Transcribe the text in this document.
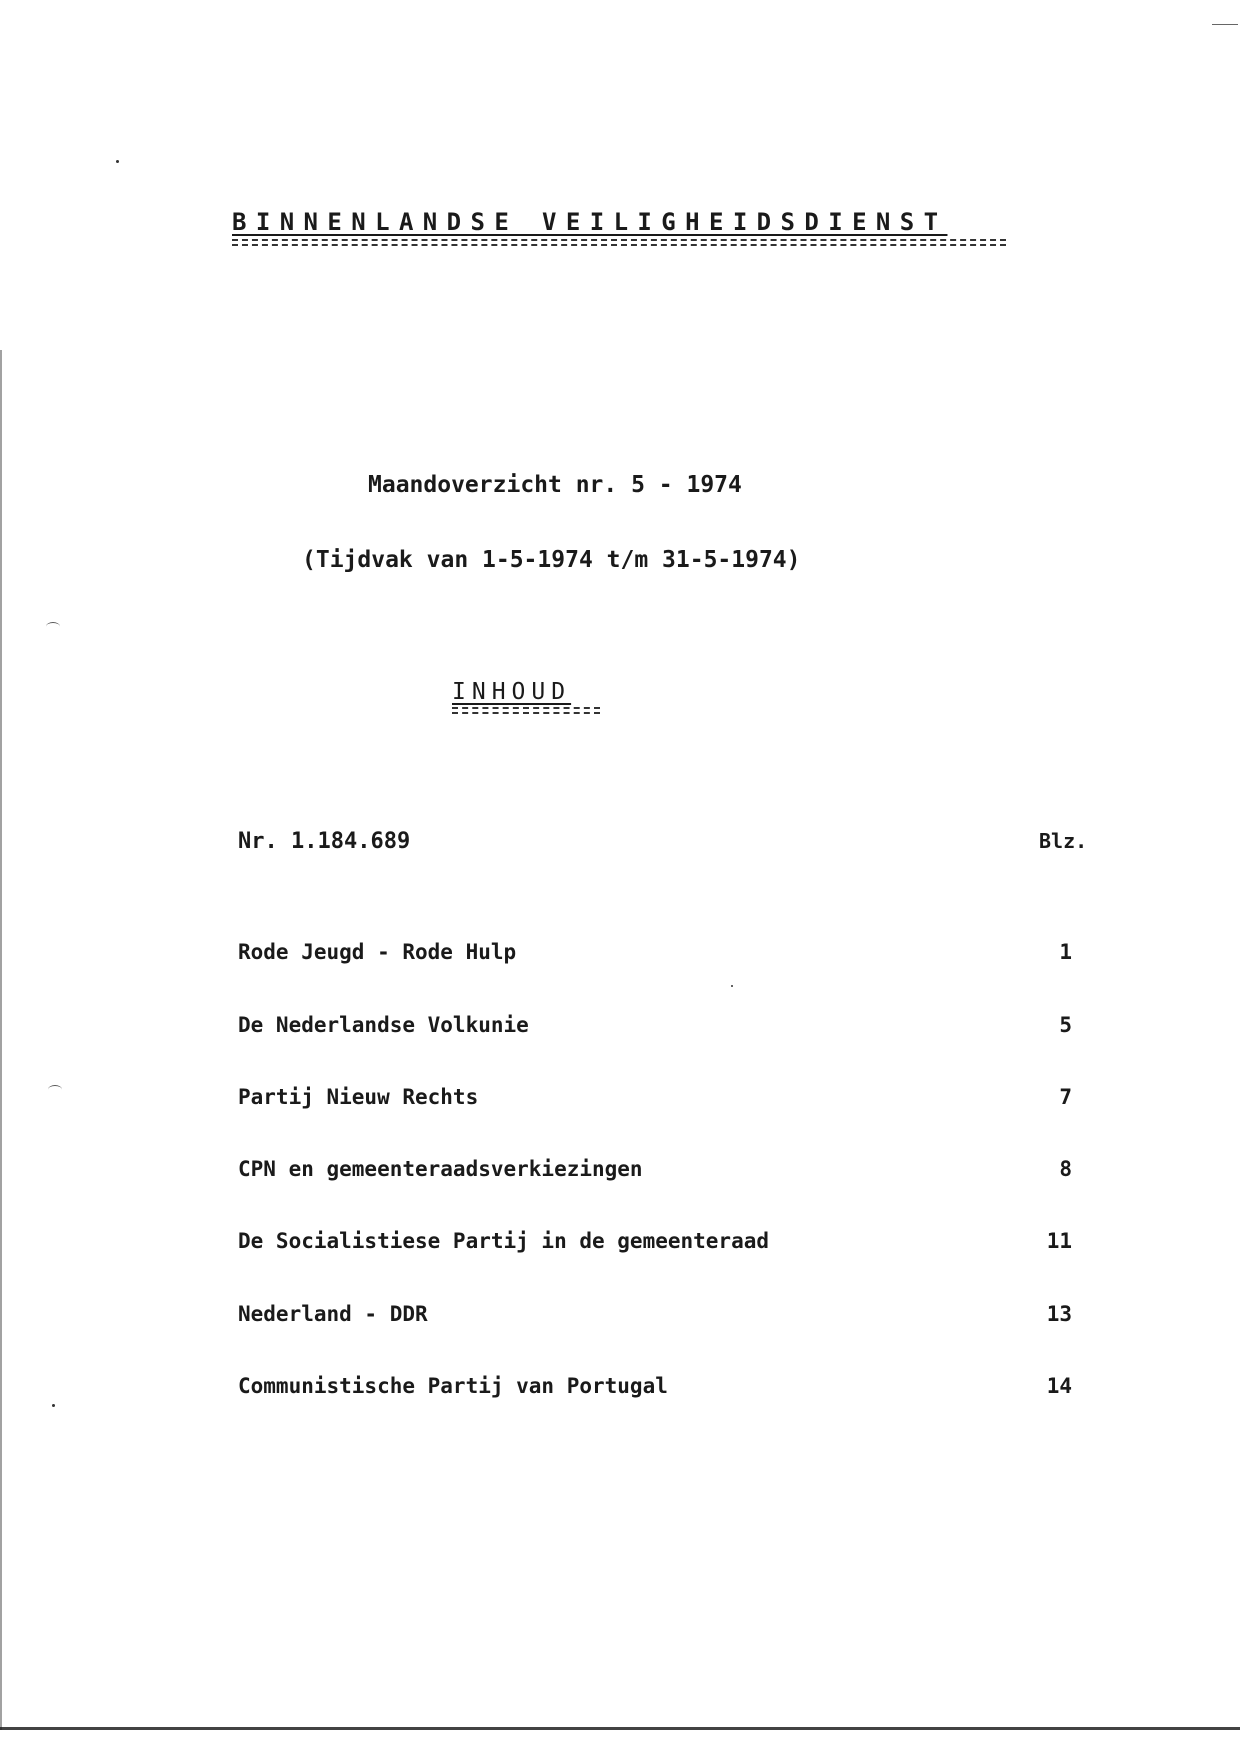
BINNENLANDSE VEILIGHEIDSDIENST
Maandoverzicht nr. 5 - 1974
(Tijdvak van 1-5-1974 t/m 31-5-1974)
INHOUD
Nr. 1.184.689	Blz.
Rode Jeugd - Rode Hulp	1
De Nederlandse Volkunie	5
Partij Nieuw Rechts	7
CPN en gemeenteraadsverkiezingen	8
De Socialistiese Partij in de gemeenteraad	11
Nederland - DDR	13
Communistische Partij van Portugal	14
